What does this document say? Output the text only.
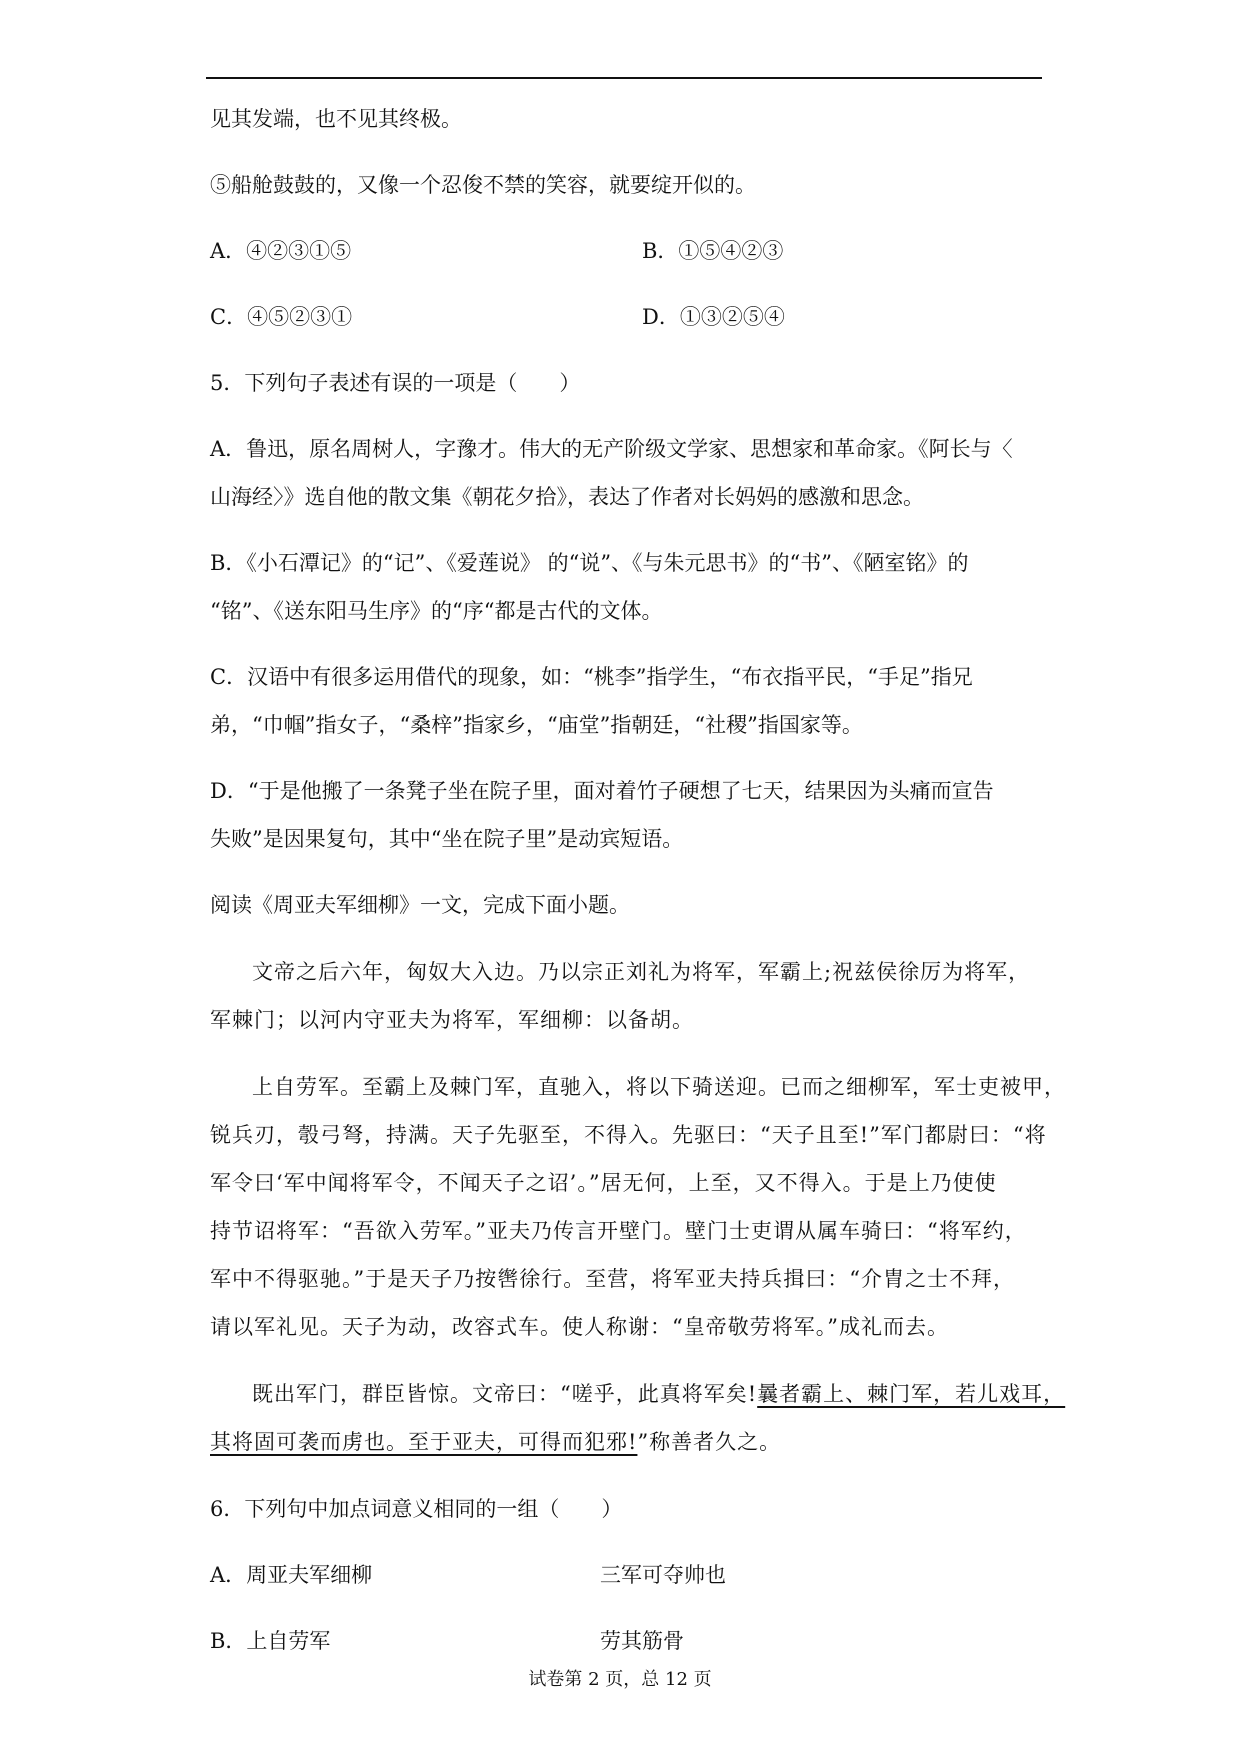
见其发端，也不见其终极。
⑤船舱鼓鼓的，又像一个忍俊不禁的笑容，就要绽开似的。
A．④②③①⑤	B．①⑤④②③
C．④⑤②③①	D．①③②⑤④
5．下列句子表述有误的一项是（　　）
A．鲁迅，原名周树人，字豫才。伟大的无产阶级文学家、思想家和革命家。《阿长与〈
山海经〉》选自他的散文集《朝花夕拾》，表达了作者对长妈妈的感激和思念。
B．《小石潭记》的“记”、《爱莲说》 的“说”、《与朱元思书》的“书”、《陋室铭》的
“铭”、《送东阳马生序》的“序“都是古代的文体。
C．汉语中有很多运用借代的现象，如：“桃李”指学生，“布衣指平民，“手足”指兄
弟，“巾帼”指女子，“桑梓”指家乡，“庙堂”指朝廷，“社稷”指国家等。
D．“于是他搬了一条凳子坐在院子里，面对着竹子硬想了七天，结果因为头痛而宣告
失败”是因果复句，其中“坐在院子里”是动宾短语。
阅读《周亚夫军细柳》一文，完成下面小题。
文帝之后六年，匈奴大入边。乃以宗正刘礼为将军，军霸上;祝兹侯徐厉为将军，
军棘门；以河内守亚夫为将军，军细柳：以备胡。
上自劳军。至霸上及棘门军，直驰入，将以下骑送迎。已而之细柳军，军士吏被甲，
锐兵刃，彀弓弩，持满。天子先驱至，不得入。先驱曰：“天子且至!”军门都尉曰：“将
军令曰‘军中闻将军令，不闻天子之诏’。”居无何，上至，又不得入。于是上乃使使
持节诏将军：“吾欲入劳军。”亚夫乃传言开壁门。壁门士吏谓从属车骑曰：“将军约，
军中不得驱驰。”于是天子乃按辔徐行。至营，将军亚夫持兵揖曰：“介胄之士不拜，
请以军礼见。天子为动，改容式车。使人称谢：“皇帝敬劳将军。”成礼而去。
既出军门，群臣皆惊。文帝曰：“嗟乎，此真将军矣!曩者霸上、棘门军，若儿戏耳，
其将固可袭而虏也。至于亚夫，可得而犯邪!”称善者久之。
6．下列句中加点词意义相同的一组（　　）
A．周亚夫军细柳	三军可夺帅也
B．上自劳军	劳其筋骨
试卷第 2 页，总 12 页
